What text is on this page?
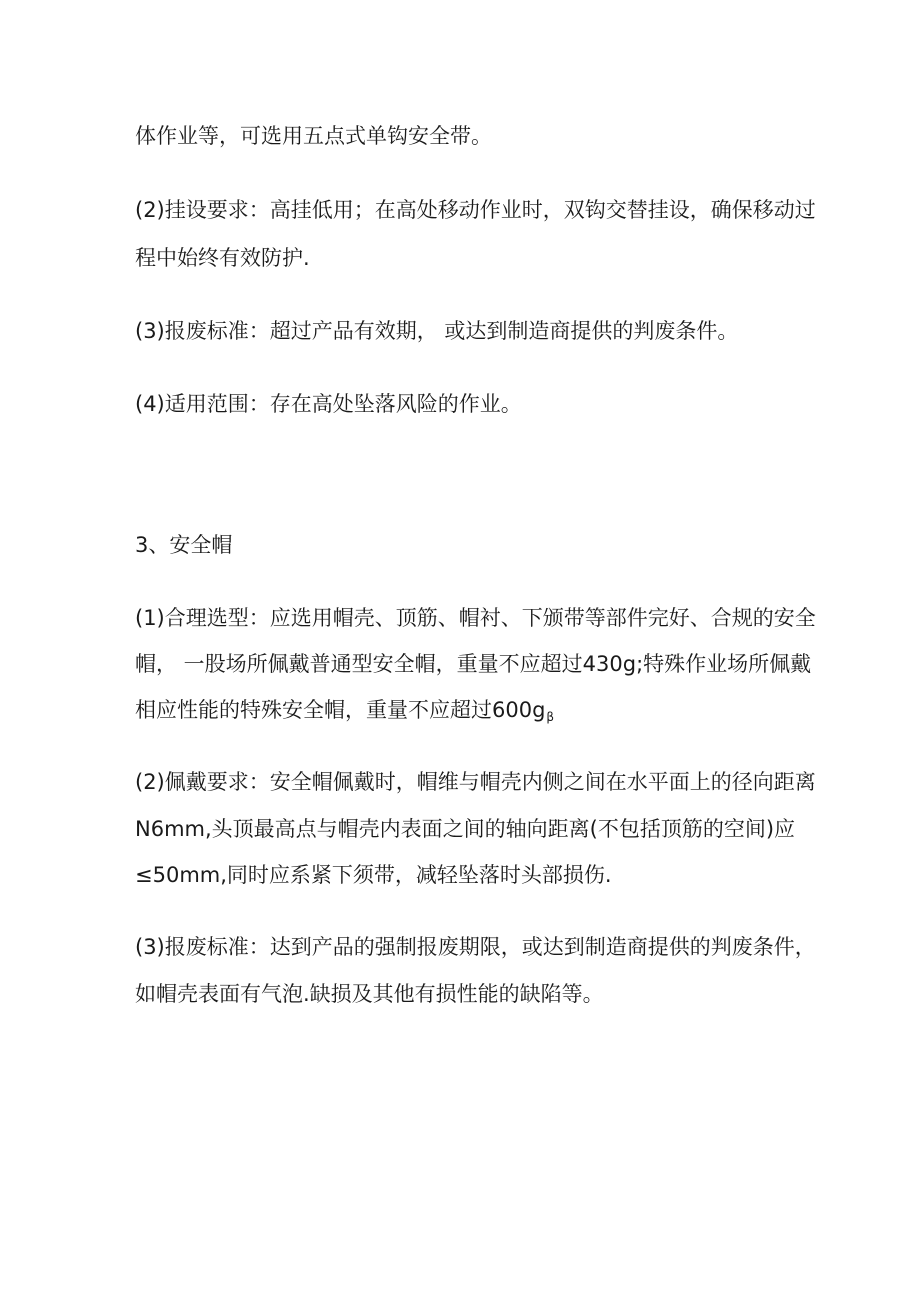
体作业等，可选用五点式单钩安全带。
(2)挂设要求：高挂低用；在高处移动作业时，双钩交替挂设，确保移动过
程中始终有效防护.
(3)报废标准：超过产品有效期， 或达到制造商提供的判废条件。
(4)适用范围：存在高处坠落风险的作业。
3、安全帽
(1)合理选型：应选用帽壳、顶筋、帽衬、下颁带等部件完好、合规的安全
帽， 一股场所佩戴普通型安全帽，重量不应超过430g;特殊作业场所佩戴
相应性能的特殊安全帽，重量不应超过$600g_\beta$
(2)佩戴要求：安全帽佩戴时，帽维与帽壳内侧之间在水平面上的径向距离
N6mm,头顶最高点与帽壳内表面之间的轴向距离(不包括顶筋的空间)应
≤50mm,同时应系紧下须带，减轻坠落时头部损伤.
(3)报废标准：达到产品的强制报废期限，或达到制造商提供的判废条件，
如帽壳表面有气泡.缺损及其他有损性能的缺陷等。
